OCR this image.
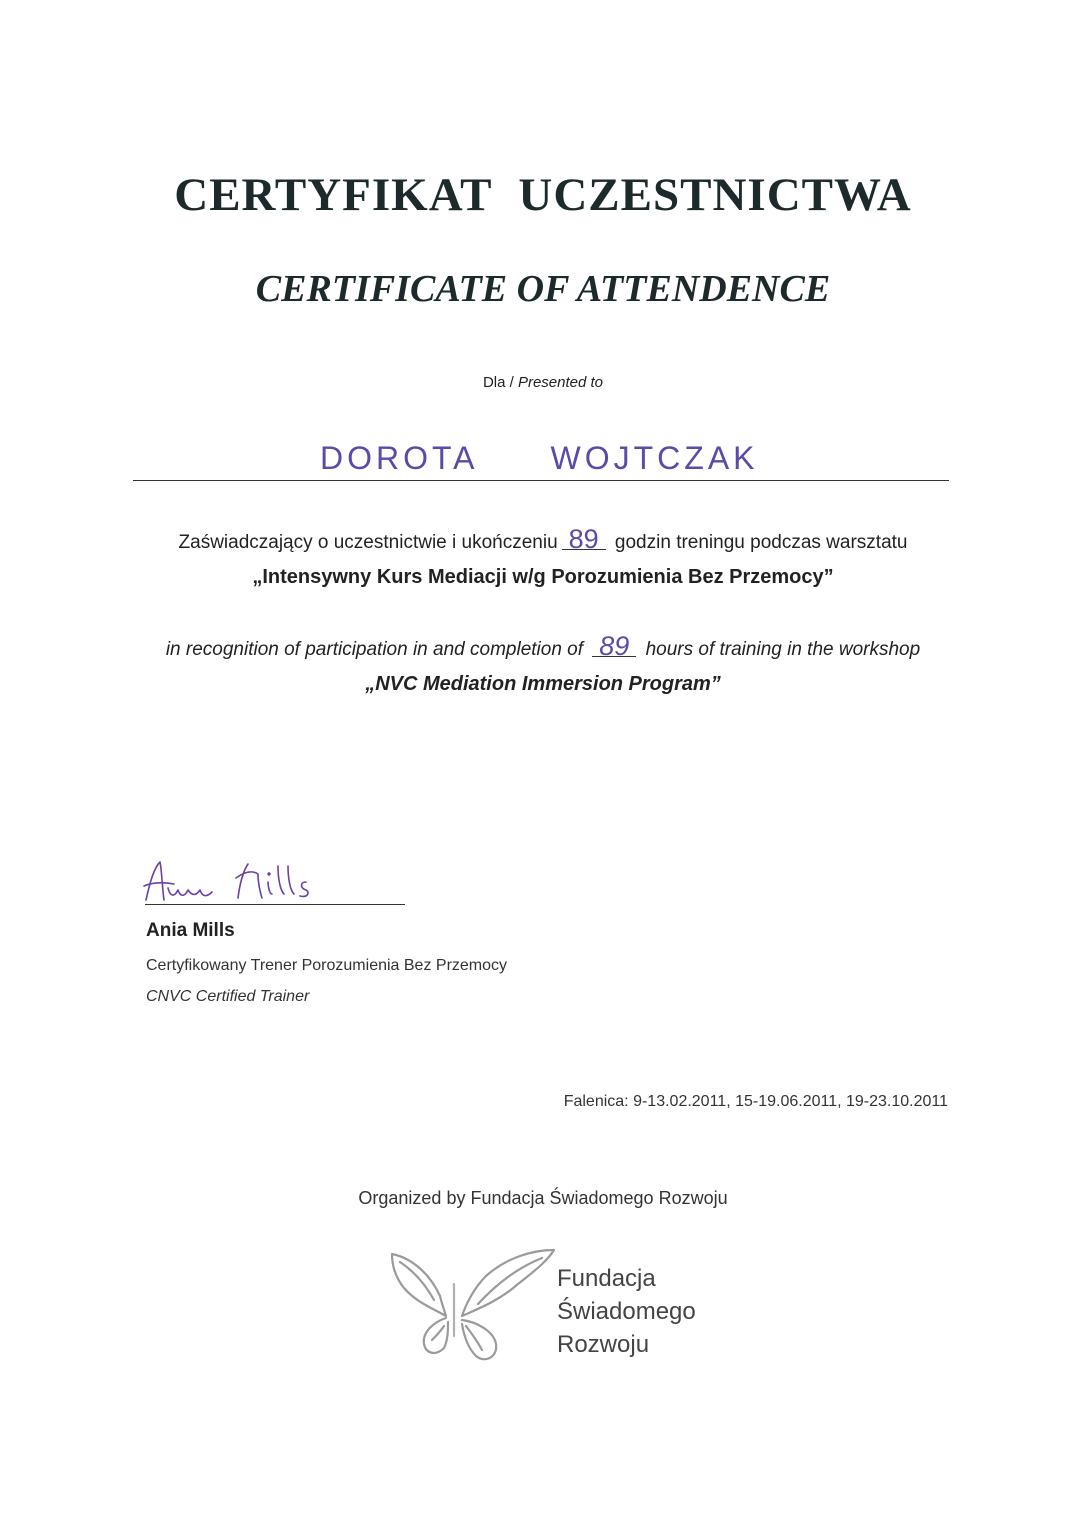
CERTYFIKAT UCZESTNICTWA
CERTIFICATE OF ATTENDENCE
Dla / Presented to
DOROTA WOJTCZAK
Zaświadczający o uczestnictwie i ukończeniu 89 godzin treningu podczas warsztatu
„Intensywny Kurs Mediacji w/g Porozumienia Bez Przemocy”
in recognition of participation in and completion of 89 hours of training in the workshop
„NVC Mediation Immersion Program”
Ania Mills
Certyfikowany Trener Porozumienia Bez Przemocy
CNVC Certified Trainer
Falenica: 9-13.02.2011, 15-19.06.2011, 19-23.10.2011
Organized by Fundacja Świadomego Rozwoju
Fundacja
Świadomego
Rozwoju
